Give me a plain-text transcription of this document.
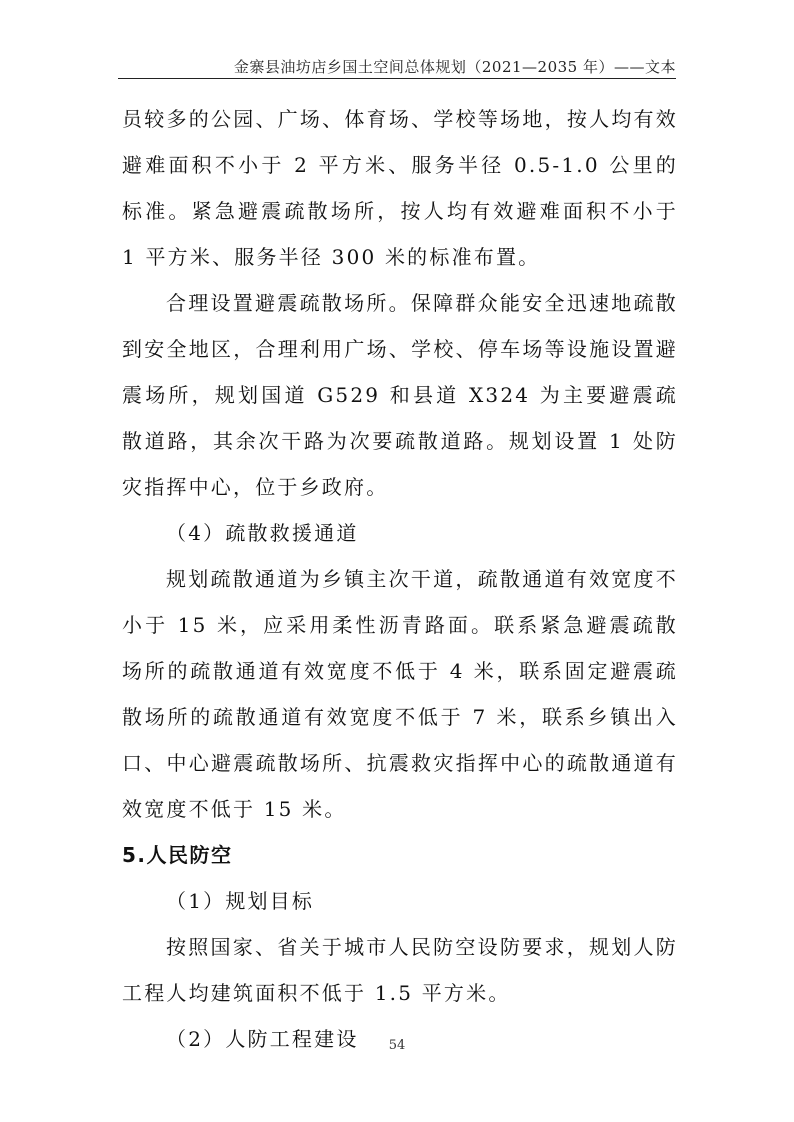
金寨县油坊店乡国土空间总体规划（2021—2035 年）——文本

员较多的公园、广场、体育场、学校等场地，按人均有效避难面积不小于 2 平方米、服务半径 0.5-1.0 公里的标准。紧急避震疏散场所，按人均有效避难面积不小于 1 平方米、服务半径 300 米的标准布置。

合理设置避震疏散场所。保障群众能安全迅速地疏散到安全地区，合理利用广场、学校、停车场等设施设置避震场所，规划国道 G529 和县道 X324 为主要避震疏散道路，其余次干路为次要疏散道路。规划设置 1 处防灾指挥中心，位于乡政府。

（4）疏散救援通道

规划疏散通道为乡镇主次干道，疏散通道有效宽度不小于 15 米，应采用柔性沥青路面。联系紧急避震疏散场所的疏散通道有效宽度不低于 4 米，联系固定避震疏散场所的疏散通道有效宽度不低于 7 米，联系乡镇出入口、中心避震疏散场所、抗震救灾指挥中心的疏散通道有效宽度不低于 15 米。

5.人民防空

（1）规划目标

按照国家、省关于城市人民防空设防要求，规划人防工程人均建筑面积不低于 1.5 平方米。

（2）人防工程建设	54
